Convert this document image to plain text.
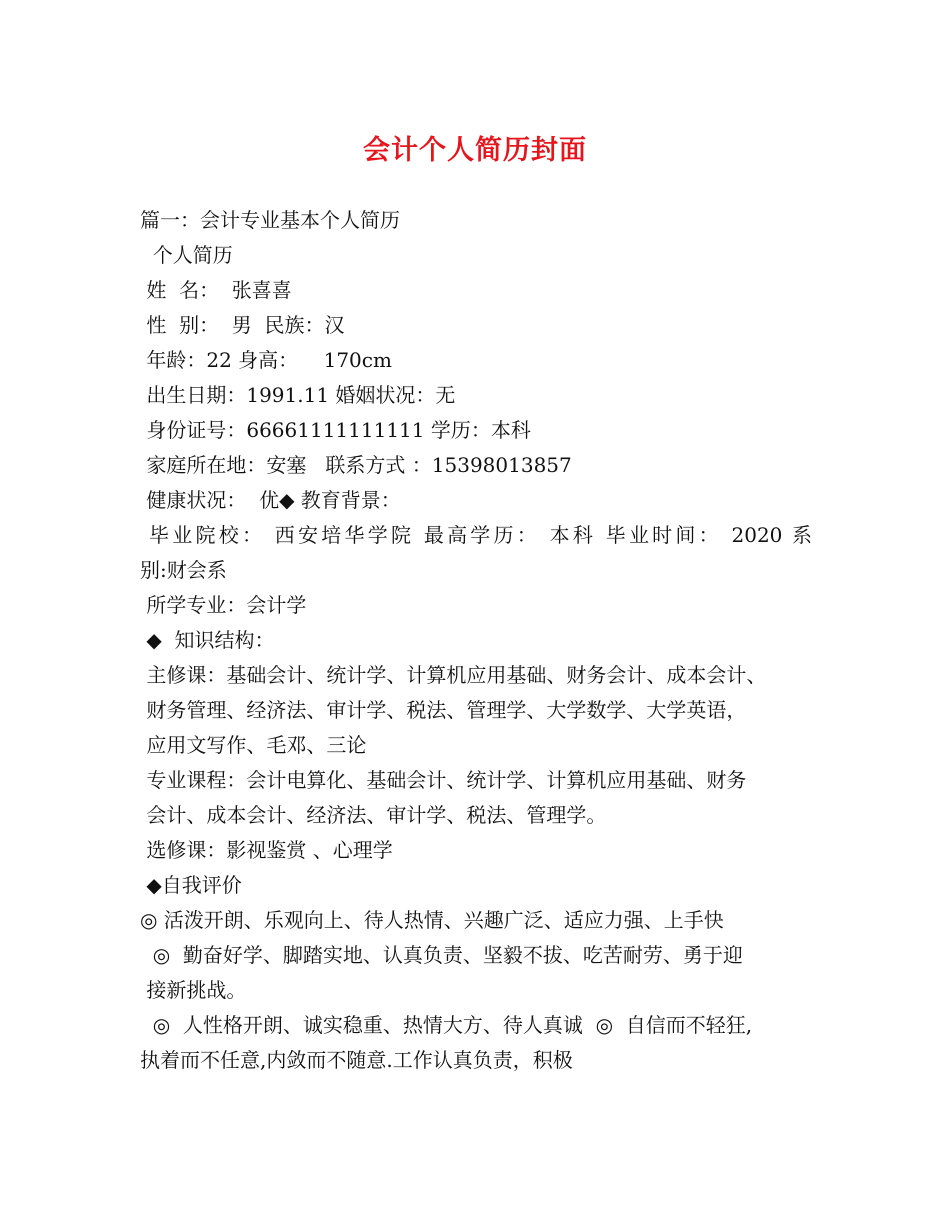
会计个人简历封面
篇一：会计专业基本个人简历
个人简历
姓  名：  张喜喜
性  别：  男  民族：汉
年龄：22 身高：    170cm
出生日期：1991.11 婚姻状况：无
身份证号：66661111111111 学历：本科
家庭所在地：安塞   联系方式 ：15398013857
健康状况：  优◆ 教育背景：
毕业院校： 西安培华学院 最高学历： 本科 毕业时间： 2020 系
别:财会系
所学专业：会计学
◆  知识结构：
主修课：基础会计、统计学、计算机应用基础、财务会计、成本会计、
财务管理、经济法、审计学、税法、管理学、大学数学、大学英语，
应用文写作、毛邓、三论
专业课程：会计电算化、基础会计、统计学、计算机应用基础、财务
会计、成本会计、经济法、审计学、税法、管理学。
选修课：影视鉴赏 、心理学
◆自我评价
◎ 活泼开朗、乐观向上、待人热情、兴趣广泛、适应力强、上手快
◎  勤奋好学、脚踏实地、认真负责、坚毅不拔、吃苦耐劳、勇于迎
接新挑战。
◎  人性格开朗、诚实稳重、热情大方、待人真诚  ◎  自信而不轻狂,
执着而不任意,内敛而不随意.工作认真负责，积极
